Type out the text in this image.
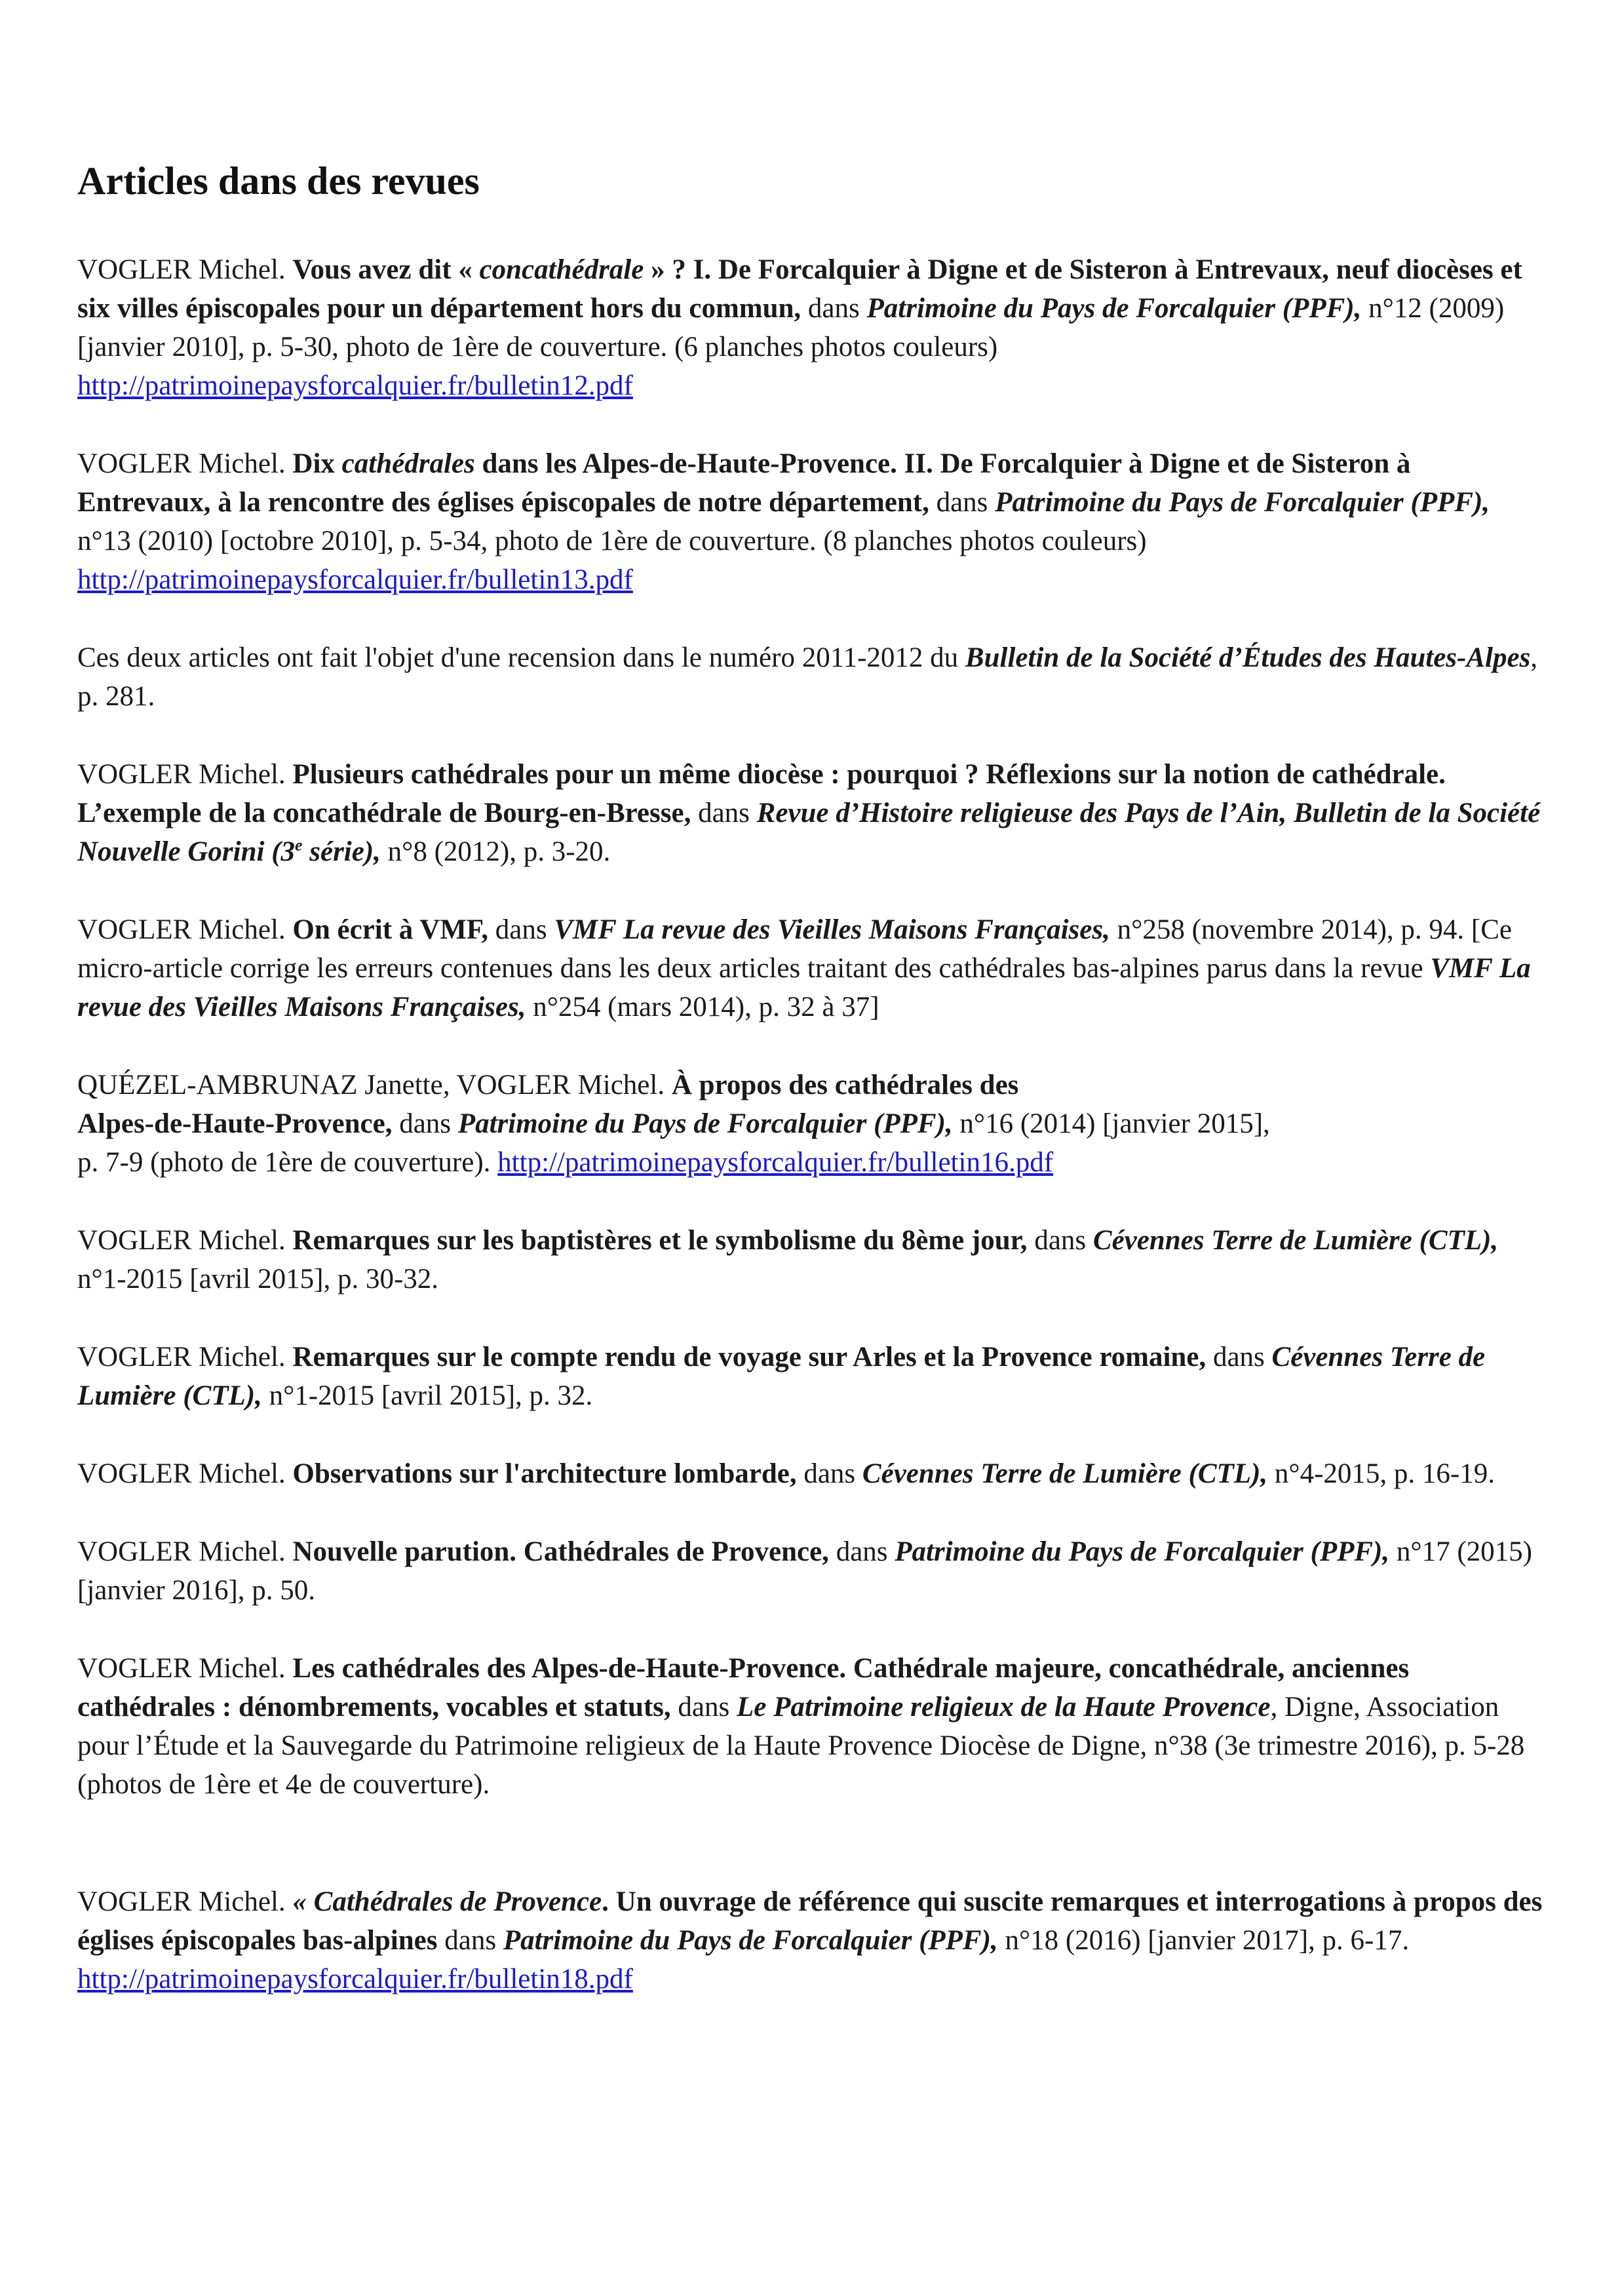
Articles dans des revues

VOGLER Michel. Vous avez dit « concathédrale » ? I. De Forcalquier à Digne et de Sisteron à Entrevaux, neuf diocèses et six villes épiscopales pour un département hors du commun, dans Patrimoine du Pays de Forcalquier (PPF), n°12 (2009) [janvier 2010], p. 5-30, photo de 1ère de couverture. (6 planches photos couleurs) http://patrimoinepaysforcalquier.fr/bulletin12.pdf

VOGLER Michel. Dix cathédrales dans les Alpes-de-Haute-Provence. II. De Forcalquier à Digne et de Sisteron à Entrevaux, à la rencontre des églises épiscopales de notre département, dans Patrimoine du Pays de Forcalquier (PPF), n°13 (2010) [octobre 2010], p. 5-34, photo de 1ère de couverture. (8 planches photos couleurs) http://patrimoinepaysforcalquier.fr/bulletin13.pdf

Ces deux articles ont fait l'objet d'une recension dans le numéro 2011-2012 du Bulletin de la Société d’Études des Hautes-Alpes, p. 281.

VOGLER Michel. Plusieurs cathédrales pour un même diocèse : pourquoi ? Réflexions sur la notion de cathédrale. L’exemple de la concathédrale de Bourg-en-Bresse, dans Revue d’Histoire religieuse des Pays de l’Ain, Bulletin de la Société Nouvelle Gorini (3e série), n°8 (2012), p. 3-20.

VOGLER Michel. On écrit à VMF, dans VMF La revue des Vieilles Maisons Françaises, n°258 (novembre 2014), p. 94. [Ce micro-article corrige les erreurs contenues dans les deux articles traitant des cathédrales bas-alpines parus dans la revue VMF La revue des Vieilles Maisons Françaises, n°254 (mars 2014), p. 32 à 37]

QUÉZEL-AMBRUNAZ Janette, VOGLER Michel. À propos des cathédrales des
Alpes-de-Haute-Provence, dans Patrimoine du Pays de Forcalquier (PPF), n°16 (2014) [janvier 2015],
p. 7-9 (photo de 1ère de couverture). http://patrimoinepaysforcalquier.fr/bulletin16.pdf

VOGLER Michel. Remarques sur les baptistères et le symbolisme du 8ème jour, dans Cévennes Terre de Lumière (CTL), n°1-2015 [avril 2015], p. 30-32.

VOGLER Michel. Remarques sur le compte rendu de voyage sur Arles et la Provence romaine, dans Cévennes Terre de Lumière (CTL), n°1-2015 [avril 2015], p. 32.

VOGLER Michel. Observations sur l'architecture lombarde, dans Cévennes Terre de Lumière (CTL), n°4-2015, p. 16-19.

VOGLER Michel. Nouvelle parution. Cathédrales de Provence, dans Patrimoine du Pays de Forcalquier (PPF), n°17 (2015) [janvier 2016], p. 50.

VOGLER Michel. Les cathédrales des Alpes-de-Haute-Provence. Cathédrale majeure, concathédrale, anciennes cathédrales : dénombrements, vocables et statuts, dans Le Patrimoine religieux de la Haute Provence, Digne, Association pour l’Étude et la Sauvegarde du Patrimoine religieux de la Haute Provence Diocèse de Digne, n°38 (3e trimestre 2016), p. 5-28 (photos de 1ère et 4e de couverture).

VOGLER Michel. « Cathédrales de Provence. Un ouvrage de référence qui suscite remarques et interrogations à propos des églises épiscopales bas-alpines dans Patrimoine du Pays de Forcalquier (PPF), n°18 (2016) [janvier 2017], p. 6-17. http://patrimoinepaysforcalquier.fr/bulletin18.pdf
